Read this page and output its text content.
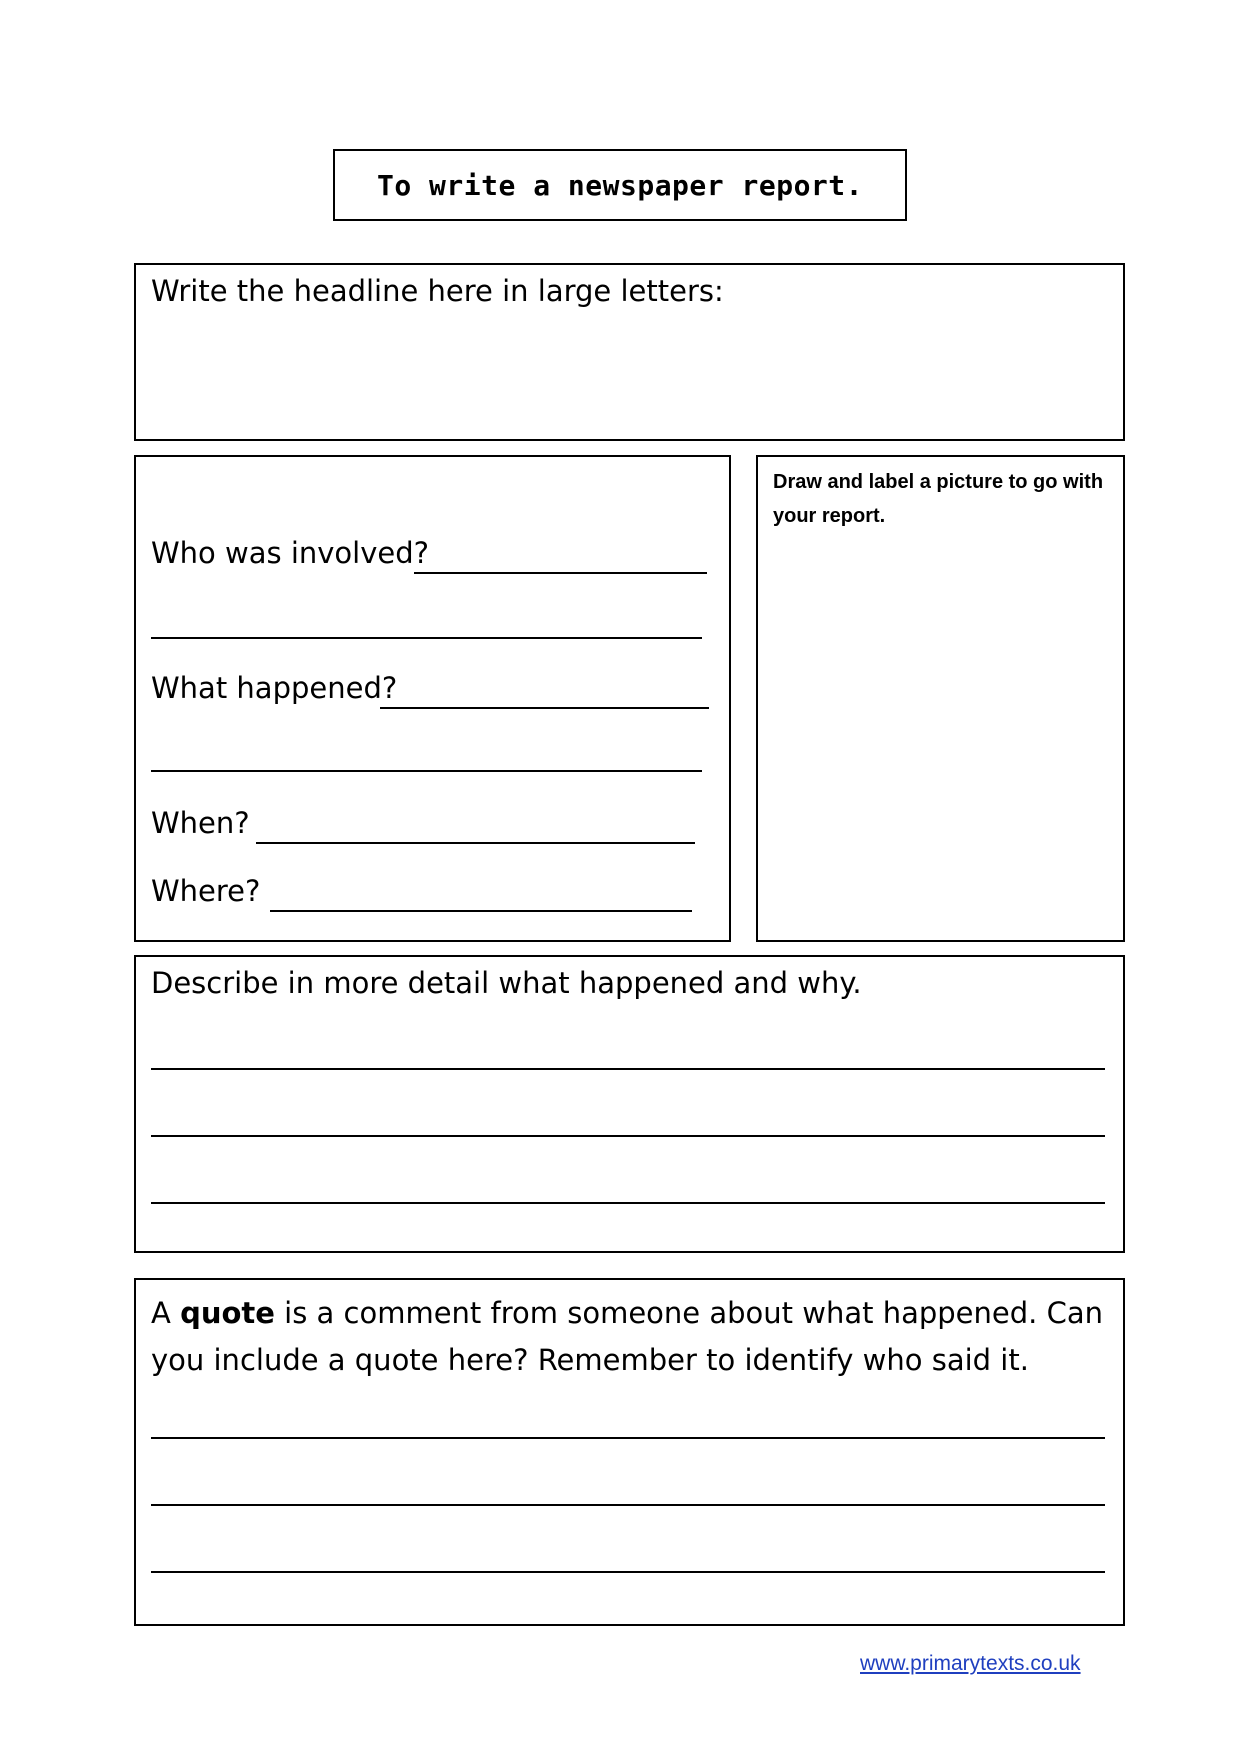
To write a newspaper report.
Write the headline here in large letters:
Who was involved?
What happened?
When?
Where?
Draw and label a picture to go with your report.
Describe in more detail what happened and why.
A quote is a comment from someone about what happened. Can you include a quote here? Remember to identify who said it.
www.primarytexts.co.uk
